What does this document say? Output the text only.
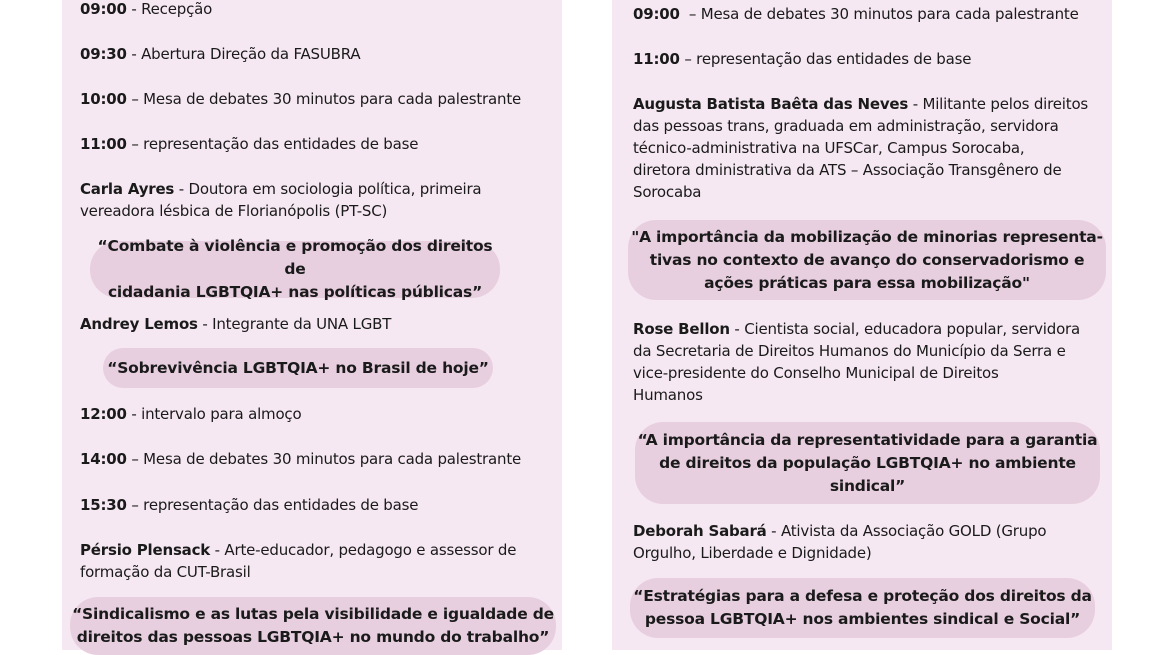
09:00 - Recepção
09:30 - Abertura Direção da FASUBRA
10:00 – Mesa de debates 30 minutos para cada palestrante
11:00 – representação das entidades de base
Carla Ayres - Doutora em sociologia política, primeira
vereadora lésbica de Florianópolis (PT-SC)
“Combate à violência e promoção dos direitos de
cidadania LGBTQIA+ nas políticas públicas”
Andrey Lemos - Integrante da UNA LGBT
“Sobrevivência LGBTQIA+ no Brasil de hoje”
12:00 - intervalo para almoço
14:00 – Mesa de debates 30 minutos para cada palestrante
15:30 – representação das entidades de base
Pérsio Plensack - Arte-educador, pedagogo e assessor de
formação da CUT-Brasil
“Sindicalismo e as lutas pela visibilidade e igualdade de
direitos das pessoas LGBTQIA+ no mundo do trabalho”
09:00  – Mesa de debates 30 minutos para cada palestrante
11:00 – representação das entidades de base
Augusta Batista Baêta das Neves - Militante pelos direitos
das pessoas trans, graduada em administração, servidora
técnico-administrativa na UFSCar, Campus Sorocaba,
diretora dministrativa da ATS – Associação Transgênero de
Sorocaba
"A importância da mobilização de minorias representa-
tivas no contexto de avanço do conservadorismo e
ações práticas para essa mobilização"
Rose Bellon - Cientista social, educadora popular, servidora
da Secretaria de Direitos Humanos do Município da Serra e
vice-presidente do Conselho Municipal de Direitos
Humanos
“A importância da representatividade para a garantia
de direitos da população LGBTQIA+ no ambiente
sindical”
Deborah Sabará - Ativista da Associação GOLD (Grupo
Orgulho, Liberdade e Dignidade)
“Estratégias para a defesa e proteção dos direitos da
pessoa LGBTQIA+ nos ambientes sindical e Social”
